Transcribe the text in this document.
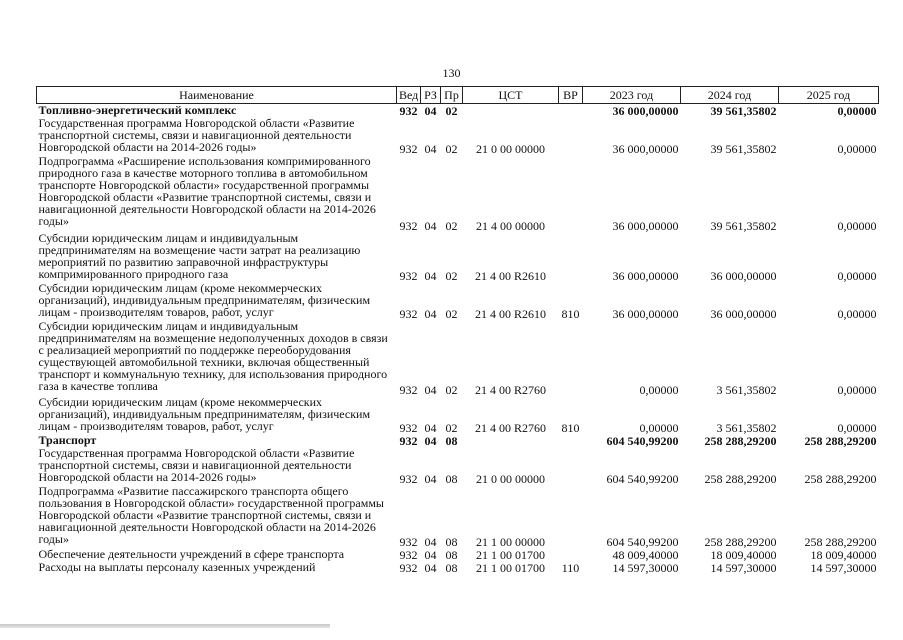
130
Наименование	Вед	РЗ	Пр	ЦСТ	ВР	2023 год	2024 год	2025 год
Топливно-энергетический комплекс	932	04	02			36 000,00000	39 561,35802	0,00000
Государственная программа Новгородской области «Развитие транспортной системы, связи и навигационной деятельности Новгородской области на 2014-2026 годы»	932	04	02	21 0 00 00000		36 000,00000	39 561,35802	0,00000
Подпрограмма «Расширение использования компримированного природного газа в качестве моторного топлива в автомобильном транспорте Новгородской области» государственной программы Новгородской области «Развитие транспортной системы, связи и навигационной деятельности Новгородской области на 2014-2026 годы»	932	04	02	21 4 00 00000		36 000,00000	39 561,35802	0,00000
Субсидии юридическим лицам и индивидуальным предпринимателям на возмещение части затрат на реализацию мероприятий по развитию заправочной инфраструктуры компримированного природного газа	932	04	02	21 4 00 R2610		36 000,00000	36 000,00000	0,00000
Субсидии юридическим лицам (кроме некоммерческих организаций), индивидуальным предпринимателям, физическим лицам - производителям товаров, работ, услуг	932	04	02	21 4 00 R2610	810	36 000,00000	36 000,00000	0,00000
Субсидии юридическим лицам и индивидуальным предпринимателям на возмещение недополученных доходов в связи с реализацией мероприятий по поддержке переоборудования существующей автомобильной техники, включая общественный транспорт и коммунальную технику, для использования природного газа в качестве топлива	932	04	02	21 4 00 R2760		0,00000	3 561,35802	0,00000
Субсидии юридическим лицам (кроме некоммерческих организаций), индивидуальным предпринимателям, физическим лицам - производителям товаров, работ, услуг	932	04	02	21 4 00 R2760	810	0,00000	3 561,35802	0,00000
Транспорт	932	04	08			604 540,99200	258 288,29200	258 288,29200
Государственная программа Новгородской области «Развитие транспортной системы, связи и навигационной деятельности Новгородской области на 2014-2026 годы»	932	04	08	21 0 00 00000		604 540,99200	258 288,29200	258 288,29200
Подпрограмма «Развитие пассажирского транспорта общего пользования в Новгородской области» государственной программы Новгородской области «Развитие транспортной системы, связи и навигационной деятельности Новгородской области на 2014-2026 годы»	932	04	08	21 1 00 00000		604 540,99200	258 288,29200	258 288,29200
Обеспечение деятельности учреждений в сфере транспорта	932	04	08	21 1 00 01700		48 009,40000	18 009,40000	18 009,40000
Расходы на выплаты персоналу казенных учреждений	932	04	08	21 1 00 01700	110	14 597,30000	14 597,30000	14 597,30000
